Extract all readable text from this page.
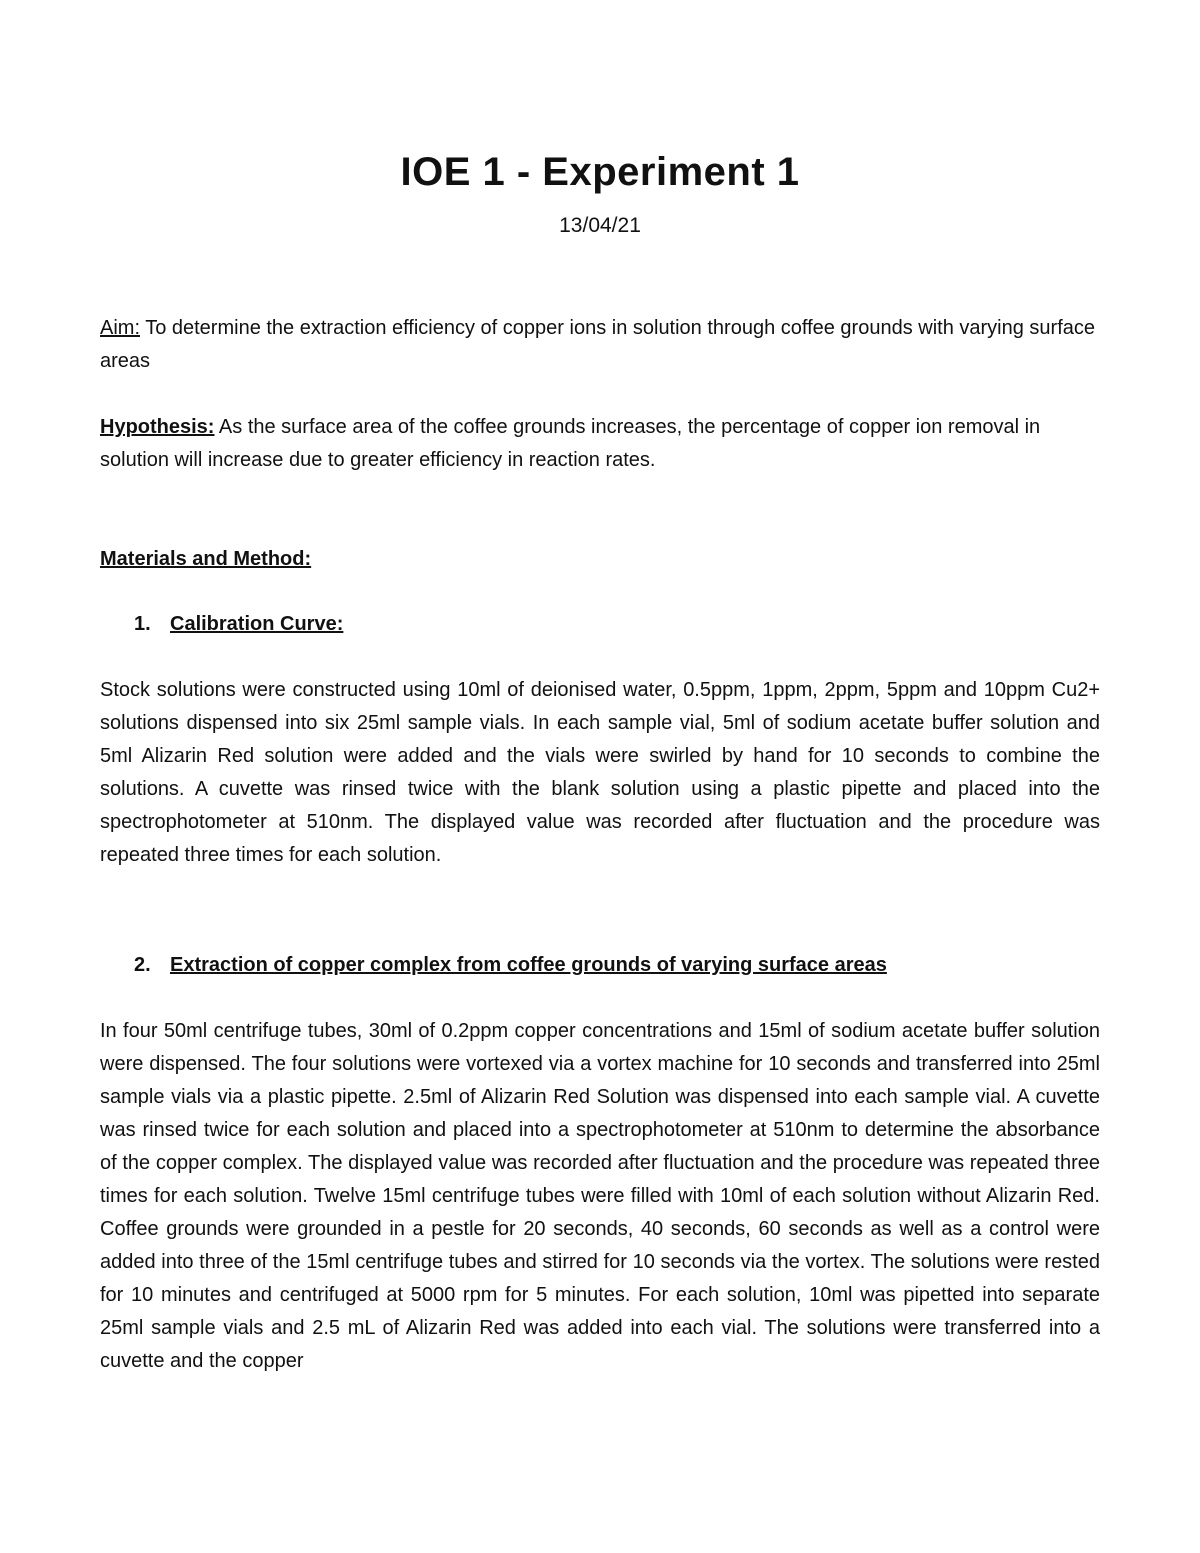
IOE 1 - Experiment 1
13/04/21
Aim: To determine the extraction efficiency of copper ions in solution through coffee grounds with varying surface areas
Hypothesis: As the surface area of the coffee grounds increases, the percentage of copper ion removal in solution will increase due to greater efficiency in reaction rates.
Materials and Method:
1. Calibration Curve:
Stock solutions were constructed using 10ml of deionised water, 0.5ppm, 1ppm, 2ppm, 5ppm and 10ppm Cu2+ solutions dispensed into six 25ml sample vials. In each sample vial, 5ml of sodium acetate buffer solution and 5ml Alizarin Red solution were added and the vials were swirled by hand for 10 seconds to combine the solutions. A cuvette was rinsed twice with the blank solution using a plastic pipette and placed into the spectrophotometer at 510nm. The displayed value was recorded after fluctuation and the procedure was repeated three times for each solution.
2. Extraction of copper complex from coffee grounds of varying surface areas
In four 50ml centrifuge tubes, 30ml of 0.2ppm copper concentrations and 15ml of sodium acetate buffer solution were dispensed. The four solutions were vortexed via a vortex machine for 10 seconds and transferred into 25ml sample vials via a plastic pipette. 2.5ml of Alizarin Red Solution was dispensed into each sample vial. A cuvette was rinsed twice for each solution and placed into a spectrophotometer at 510nm to determine the absorbance of the copper complex. The displayed value was recorded after fluctuation and the procedure was repeated three times for each solution. Twelve 15ml centrifuge tubes were filled with 10ml of each solution without Alizarin Red. Coffee grounds were grounded in a pestle for 20 seconds, 40 seconds, 60 seconds as well as a control were added into three of the 15ml centrifuge tubes and stirred for 10 seconds via the vortex. The solutions were rested for 10 minutes and centrifuged at 5000 rpm for 5 minutes. For each solution, 10ml was pipetted into separate 25ml sample vials and 2.5 mL of Alizarin Red was added into each vial. The solutions were transferred into a cuvette and the copper
